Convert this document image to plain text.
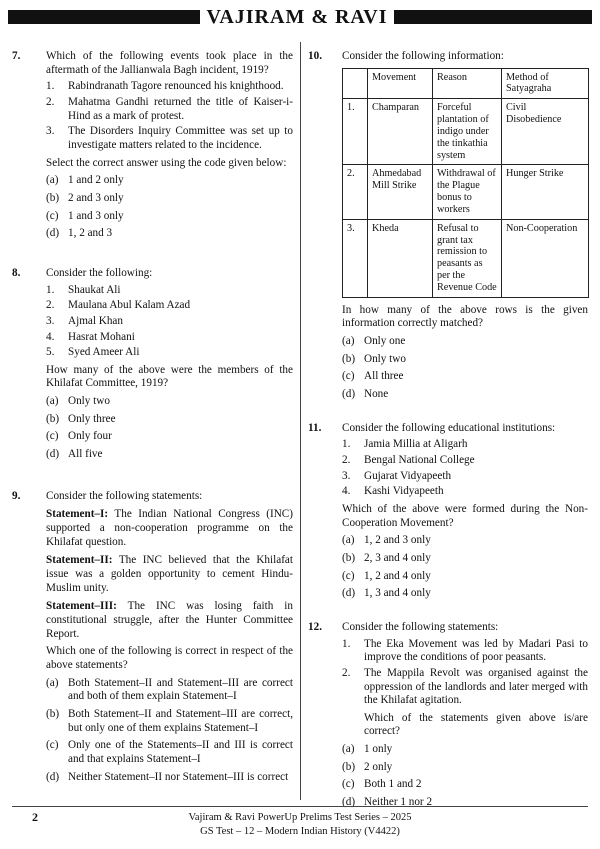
VAJIRAM & RAVI
7. Which of the following events took place in the aftermath of the Jallianwala Bagh incident, 1919?
1. Rabindranath Tagore renounced his knighthood.
2. Mahatma Gandhi returned the title of Kaiser-i-Hind as a mark of protest.
3. The Disorders Inquiry Committee was set up to investigate matters related to the incidence.
Select the correct answer using the code given below:
(a) 1 and 2 only
(b) 2 and 3 only
(c) 1 and 3 only
(d) 1, 2 and 3
8. Consider the following:
1. Shaukat Ali
2. Maulana Abul Kalam Azad
3. Ajmal Khan
4. Hasrat Mohani
5. Syed Ameer Ali
How many of the above were the members of the Khilafat Committee, 1919?
(a) Only two
(b) Only three
(c) Only four
(d) All five
9. Consider the following statements:
Statement–I: The Indian National Congress (INC) supported a non-cooperation programme on the Khilafat question.
Statement–II: The INC believed that the Khilafat issue was a golden opportunity to cement Hindu-Muslim unity.
Statement–III: The INC was losing faith in constitutional struggle, after the Hunter Committee Report.
Which one of the following is correct in respect of the above statements?
(a) Both Statement–II and Statement–III are correct and both of them explain Statement–I
(b) Both Statement–II and Statement–III are correct, but only one of them explains Statement–I
(c) Only one of the Statements–II and III is correct and that explains Statement–I
(d) Neither Statement–II nor Statement–III is correct
10. Consider the following information:
	Movement	Reason	Method of Satyagraha
1.	Champaran	Forceful plantation of indigo under the tinkathia system	Civil Disobedience
2.	Ahmedabad Mill Strike	Withdrawal of the Plague bonus to workers	Hunger Strike
3.	Kheda	Refusal to grant tax remission to peasants as per the Revenue Code	Non-Cooperation
In how many of the above rows is the given information correctly matched?
(a) Only one
(b) Only two
(c) All three
(d) None
11. Consider the following educational institutions:
1. Jamia Millia at Aligarh
2. Bengal National College
3. Gujarat Vidyapeeth
4. Kashi Vidyapeeth
Which of the above were formed during the Non-Cooperation Movement?
(a) 1, 2 and 3 only
(b) 2, 3 and 4 only
(c) 1, 2 and 4 only
(d) 1, 3 and 4 only
12. Consider the following statements:
1. The Eka Movement was led by Madari Pasi to improve the conditions of poor peasants.
2. The Mappila Revolt was organised against the oppression of the landlords and later merged with the Khilafat agitation.
Which of the statements given above is/are correct?
(a) 1 only
(b) 2 only
(c) Both 1 and 2
(d) Neither 1 nor 2
2	Vajiram & Ravi PowerUp Prelims Test Series – 2025
GS Test – 12 – Modern Indian History (V4422)
